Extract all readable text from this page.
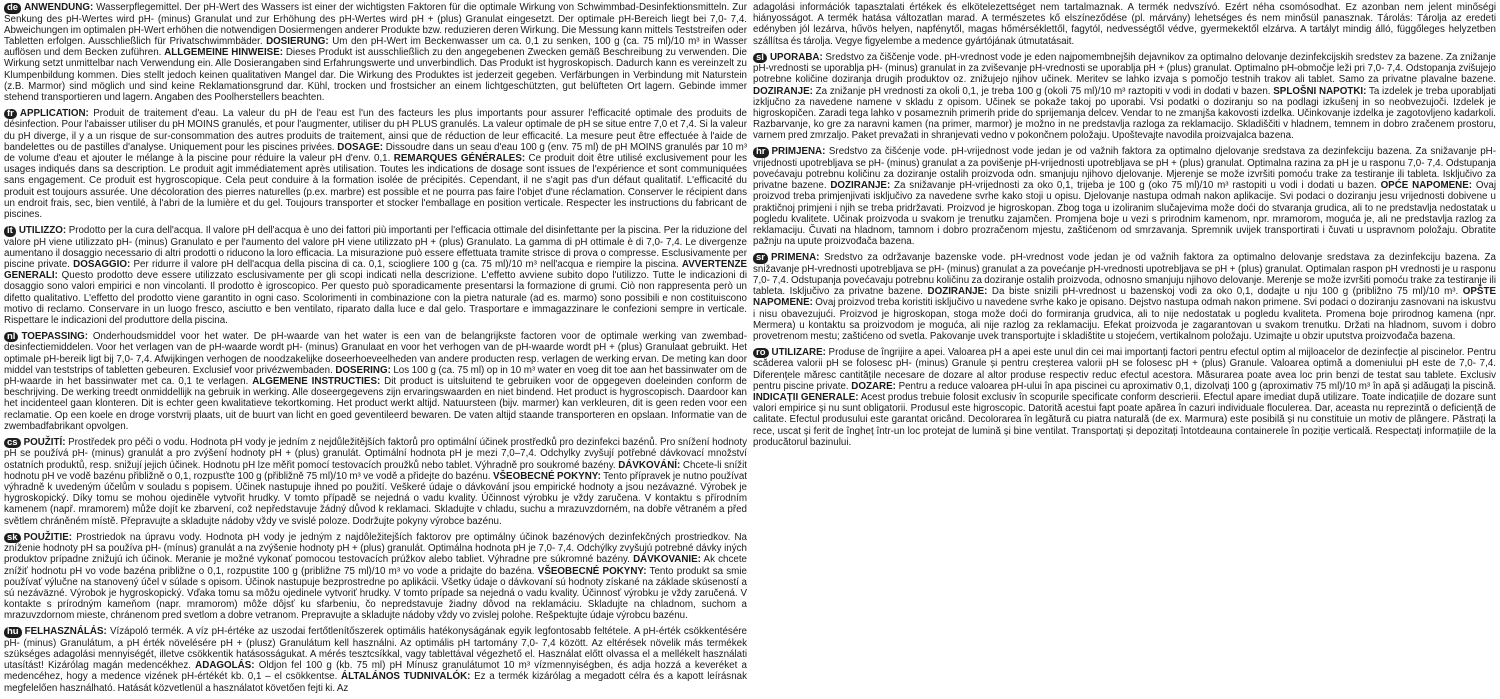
de ANWENDUNG: Wasserpflegemittel. Der pH-Wert des Wassers ist einer der wichtigsten Faktoren für die optimale Wirkung von Schwimmbad-Desinfektionsmitteln. Zur Senkung des pH-Wertes wird pH- (minus) Granulat und zur Erhöhung des pH-Wertes wird pH + (plus) Granulat eingesetzt. Der optimale pH-Bereich liegt bei 7,0- 7,4. Abweichungen im optimalen pH-Wert erhöhen die notwendigen Dosiermengen anderer Produkte bzw. reduzieren deren Wirkung. Die Messung kann mittels Teststreifen oder Tabletten erfolgen. Ausschließlich für Privatschwimmbäder. DOSIERUNG: Um den pH-Wert im Beckenwasser um ca. 0,1 zu senken, 100 g (ca. 75 ml)/10 m³ in Wasser auflösen und dem Becken zuführen. ALLGEMEINE HINWEISE: Dieses Produkt ist ausschließlich zu den angegebenen Zwecken gemäß Beschreibung zu verwenden. Die Wirkung setzt unmittelbar nach Verwendung ein. Alle Dosierangaben sind Erfahrungswerte und unverbindlich. Das Produkt ist hygroskopisch. Dadurch kann es vereinzelt zu Klumpenbildung kommen. Dies stellt jedoch keinen qualitativen Mangel dar. Die Wirkung des Produktes ist jederzeit gegeben. Verfärbungen in Verbindung mit Naturstein (z.B. Marmor) sind möglich und sind keine Reklamationsgrund dar. Kühl, trocken und frostsicher an einem lichtgeschützten, gut belüfteten Ort lagern. Gebinde immer stehend transportieren und lagern. Angaben des Poolherstellers beachten.

fr APPLICATION: Produit de traitement d'eau. La valeur du pH de l'eau est l'un des facteurs les plus importants pour assurer l'efficacité optimale des produits de désinfection. Pour l'abaisser utiliser du pH MOINS granulés, et pour l'augmenter, utiliser du pH PLUS granulés. La valeur optimale de pH se situe entre 7,0 et 7,4. Si la valeur du pH diverge, il y a un risque de sur-consommation des autres produits de traitement, ainsi que de réduction de leur efficacité. La mesure peut être effectuée à l'aide de bandelettes ou de pastilles d'analyse. Uniquement pour les piscines privées. DOSAGE: Dissoudre dans un seau d'eau 100 g (env. 75 ml) de pH MOINS granulés par 10 m³ de volume d'eau et ajouter le mélange à la piscine pour réduire la valeur pH d'env. 0,1. REMARQUES GÉNÉRALES: Ce produit doit être utilisé exclusivement pour les usages indiqués dans sa description. Le produit agit immédiatement après utilisation. Toutes les indications de dosage sont issues de l'expérience et sont communiquées sans engagement. Ce produit est hygroscopique. Cela peut conduire à la formation isolée de précipités. Cependant, il ne s'agit pas d'un défaut qualitatif. L'efficacité du produit est toujours assurée. Une décoloration des pierres naturelles (p.ex. marbre) est possible et ne pourra pas faire l'objet d'une réclamation. Conserver le récipient dans un endroit frais, sec, bien ventilé, à l'abri de la lumière et du gel. Toujours transporter et stocker l'emballage en position verticale. Respecter les instructions du fabricant de piscines.

it UTILIZZO: Prodotto per la cura dell'acqua. Il valore pH dell'acqua è uno dei fattori più importanti per l'efficacia ottimale del disinfettante per la piscina. Per la riduzione del valore pH viene utilizzato pH- (minus) Granulato e per l'aumento del valore pH viene utilizzato pH + (plus) Granulato. La gamma di pH ottimale è di 7,0- 7,4. Le divergenze aumentano il dosaggio necessario di altri prodotti o riducono la loro efficacia. La misurazione può essere effettuata tramite strisce di prova o compresse. Esclusivamente per piscine private. DOSAGGIO: Per ridurre il valore pH dell'acqua della piscina di ca. 0,1, sciogliere 100 g (ca. 75 ml)/10 m³ nell'acqua e riempire la piscina. AVVERTENZE GENERALI: Questo prodotto deve essere utilizzato esclusivamente per gli scopi indicati nella descrizione. L'effetto avviene subito dopo l'utilizzo. Tutte le indicazioni di dosaggio sono valori empirici e non vincolanti. Il prodotto è igroscopico. Per questo può sporadicamente presentarsi la formazione di grumi. Ciò non rappresenta però un difetto qualitativo. L'effetto del prodotto viene garantito in ogni caso. Scolorimenti in combinazione con la pietra naturale (ad es. marmo) sono possibili e non costituiscono motivo di reclamo. Conservare in un luogo fresco, asciutto e ben ventilato, riparato dalla luce e dal gelo. Trasportare e immagazzinare le confezioni sempre in verticale. Rispettare le indicazioni del produttore della piscina.

nl TOEPASSING: Onderhoudsmiddel voor het water. De pH-waarde van het water is een van de belangrijkste factoren voor de optimale werking van zwembad-desinfectiemiddelen. Voor het verlagen van de pH-waarde wordt pH- (minus) Granulaat en voor het verhogen van de pH-waarde wordt pH + (plus) Granulaat gebruikt. Het optimale pH-bereik ligt bij 7,0- 7,4. Afwijkingen verhogen de noodzakelijke doseerhoeveelheden van andere producten resp. verlagen de werking ervan. De meting kan door middel van teststrips of tabletten gebeuren. Exclusief voor privézwembaden. DOSERING: Los 100 g (ca. 75 ml) op in 10 m³ water en voeg dit toe aan het bassinwater om de pH-waarde in het bassinwater met ca. 0,1 te verlagen. ALGEMENE INSTRUCTIES: Dit product is uitsluitend te gebruiken voor de opgegeven doeleinden conform de beschrijving. De werking treedt onmiddellijk na gebruik in werking. Alle doseergegevens zijn ervaringswaarden en niet bindend. Het product is hygroscopisch. Daardoor kan het incidenteel gaan klonteren. Dit is echter geen kwalitatieve tekortkoming. Het product werkt altijd. Natuursteen (bijv. marmer) kan verkleuren, dit is geen reden voor een reclamatie. Op een koele en droge vorstvrij plaats, uit de buurt van licht en goed geventileerd bewaren. De vaten altijd staande transporteren en opslaan. Informatie van de zwembadfabrikant opvolgen.

cs POUŽITÍ: Prostředek pro péči o vodu. Hodnota pH vody je jedním z nejdůležitějších faktorů pro optimální účinek prostředků pro dezinfekci bazénů. Pro snížení hodnoty pH se používá pH- (minus) granulát a pro zvýšení hodnoty pH + (plus) granulát. Optimální hodnota pH je mezi 7,0–7,4. Odchylky zvyšují potřebné dávkovací množství ostatních produktů, resp. snižují jejich účinek. Hodnotu pH lze měřit pomocí testovacích proužků nebo tablet. Výhradně pro soukromé bazény. DÁVKOVÁNÍ: Chcete-li snížit hodnotu pH ve vodě bazénu přibližně o 0,1, rozpusťte 100 g (přibližně 75 ml)/10 m³ ve vodě a přidejte do bazénu. VŠEOBECNÉ POKYNY: Tento přípravek je nutno používat výhradně k uvedeným účelům v souladu s popisem. Účinek nastupuje ihned po použití. Veškeré údaje o dávkování jsou empirické hodnoty a jsou nezávazné. Výrobek je hygroskopický. Díky tomu se mohou ojediněle vytvořit hrudky. V tomto případě se nejedná o vadu kvality. Účinnost výrobku je vždy zaručena. V kontaktu s přírodním kamenem (např. mramorem) může dojít ke zbarvení, což nepředstavuje žádný důvod k reklamaci. Skladujte v chladu, suchu a mrazuvzdorném, na dobře větraném a před světlem chráněném místě. Přepravujte a skladujte nádoby vždy ve svislé poloze. Dodržujte pokyny výrobce bazénu.

sk POUŽITIE: Prostriedok na úpravu vody. Hodnota pH vody je jedným z najdôležitejších faktorov pre optimálny účinok bazénových dezinfekčných prostriedkov. Na zníženie hodnoty pH sa používa pH- (mínus) granulát a na zvýšenie hodnoty pH + (plus) granulát. Optimálna hodnota pH je 7,0- 7,4. Odchýlky zvyšujú potrebné dávky iných produktov prípadne znižujú ich účinok. Meranie je možné vykonať pomocou testovacích prúžkov alebo tabliet. Výhradne pre súkromné bazény. DÁVKOVANIE: Ak chcete znížiť hodnotu pH vo vode bazéna približne o 0,1, rozpustite 100 g (približne 75 ml)/10 m³ vo vode a pridajte do bazéna. VŠEOBECNÉ POKYNY: Tento produkt sa smie používať výlučne na stanovený účel v súlade s opisom. Účinok nastupuje bezprostredne po aplikácii. Všetky údaje o dávkovaní sú hodnoty získané na základe skúseností a sú nezáväzné. Výrobok je hygroskopický. Vďaka tomu sa môžu ojedinele vytvoriť hrudky. V tomto prípade sa nejedná o vadu kvality. Účinnosť výrobku je vždy zaručená. V kontakte s prírodným kameňom (napr. mramorom) môže dôjsť ku sfarbeniu, čo nepredstavuje žiadny dôvod na reklamáciu. Skladujte na chladnom, suchom a mrazuvzdornom mieste, chránenom pred svetlom a dobre vetranom. Prepravujte a skladujte nádoby vždy vo zvislej polohe. Rešpektujte údaje výrobcu bazénu.

hu FELHASZNÁLÁS: Vízápoló termék. A víz pH-értéke az uszodai fertőtlenítőszerek optimális hatékonyságának egyik legfontosabb feltétele. A pH-érték csökkentésére pH- (minus) Granulátum, a pH érték növelésére pH + (plusz) Granulátum kell használni. Az optimális pH tartomány 7,0- 7,4 között. Az eltérések növelik más termékek szükséges adagolási mennyiségét, illetve csökkentik hatásosságukat. A mérés tesztcsíkkal, vagy tablettával végezhető el. Használat előtt olvassa el a mellékelt használati utasítást! Kizárólag magán medencékhez. ADAGOLÁS: Oldjon fel 100 g (kb. 75 ml) pH Mínusz granulátumot 10 m³ vízmennyiségben, és adja hozzá a keveréket a medencéhez, hogy a medence vizének pH-értékét kb. 0,1 – el csökkentse. ÁLTALÁNOS TUDNIVALÓK: Ez a termék kizárólag a megadott célra és a kapott leírásnak megfelelően használható. Hatását közvetlenül a használatot követően fejti ki. Az

adagolási információk tapasztalati értékek és elkötelezettséget nem tartalmaznak. A termék nedvszívó. Ezért néha csomósodhat. Ez azonban nem jelent minőségi hiányosságot. A termék hatása változatlan marad. A természetes kő elszíneződése (pl. márvány) lehetséges és nem minősül panasznak. Tárolás: Tárolja az eredeti edényben jól lezárva, hűvös helyen, napfénytől, magas hőmérséklettől, fagytól, nedvességtől védve, gyermekektől elzárva. A tartályt mindig álló, függőleges helyzetben szállítsa és tárolja. Vegye figyelembe a medence gyártójának útmutatásait.

sl UPORABA: Sredstvo za čiščenje vode. pH-vrednost vode je eden najpomembnejših dejavnikov za optimalno delovanje dezinfekcijskih sredstev za bazene. Za znižanje pH-vrednosti se uporablja pH- (minus) granulat in za zviševanje pH-vrednosti se uporablja pH + (plus) granulat. Optimalno pH-območje leži pri 7,0- 7,4. Odstopanja zvišujejo potrebne količine doziranja drugih produktov oz. znižujejo njihov učinek. Meritev se lahko izvaja s pomočjo testnih trakov ali tablet. Samo za privatne plavalne bazene. DOZIRANJE: Za znižanje pH vrednosti za okoli 0,1, je treba 100 g (okoli 75 ml)/10 m³ raztopiti v vodi in dodati v bazen. SPLOŠNI NAPOTKI: Ta izdelek je treba uporabljati izključno za navedene namene v skladu z opisom. Učinek se pokaže takoj po uporabi. Vsi podatki o doziranju so na podlagi izkušenj in so neobvezujoči. Izdelek je higroskopičen. Zaradi tega lahko v posameznih primerih pride do sprijemanja delcev. Vendar to ne zmanjša kakovosti izdelka. Učinkovanje izdelka je zagotovljeno kadarkoli. Razbarvanje, ko gre za naravni kamen (na primer, marmor) je možno in ne predstavlja razloga za reklamacijo. Skladiščiti v hladnem, temnem in dobro zračenem prostoru, varnem pred zmrzaljo. Paket prevažati in shranjevati vedno v pokončnem položaju. Upoštevajte navodila proizvajalca bazena.

hr PRIMJENA: Sredstvo za čišćenje vode. pH-vrijednost vode jedan je od važnih faktora za optimalno djelovanje sredstava za dezinfekciju bazena. Za snižavanje pH-vrijednosti upotrebljava se pH- (minus) granulat a za povišenje pH-vrijednosti upotrebljava se pH + (plus) granulat. Optimalna razina za pH je u rasponu 7,0- 7,4. Odstupanja povećavaju potrebnu količinu za doziranje ostalih proizvoda odn. smanjuju njihovo djelovanje. Mjerenje se može izvršiti pomoću trake za testiranje ili tableta. Isključivo za privatne bazene. DOZIRANJE: Za snižavanje pH-vrijednosti za oko 0,1, trijeba je 100 g (oko 75 ml)/10 m³ rastopiti u vodi i dodati u bazen. OPĆE NAPOMENE: Ovaj proizvod treba primjenjivati isključivo za navedene svrhe kako stoji u opisu. Djelovanje nastupa odmah nakon aplikacije. Svi podaci o doziranju jesu vrijednosti dobivene u praktičnoj primjeni i njih se treba pridržavati. Proizvod je higroskopan. Zbog toga u izoliranim slučajevima može doći do stvaranja grudica, ali to ne predstavlja nedostatak u pogledu kvalitete. Učinak proizvoda u svakom je trenutku zajamčen. Promjena boje u vezi s prirodnim kamenom, npr. mramorom, moguća je, ali ne predstavlja razlog za reklamaciju. Čuvati na hladnom, tamnom i dobro prozračenom mjestu, zaštićenom od smrzavanja. Spremnik uvijek transportirati i čuvati u uspravnom položaju. Obratite pažnju na upute proizvođača bazena.

sr PRIMENA: Sredstvo za održavanje bazenske vode. pH-vrednost vode jedan je od važnih faktora za optimalno delovanje sredstava za dezinfekciju bazena. Za snižavanje pH-vrednosti upotrebljava se pH- (minus) granulat a za povećanje pH-vrednosti upotrebljava se pH + (plus) granulat. Optimalan raspon pH vrednosti je u rasponu 7,0- 7,4. Odstupanja povećavaju potrebnu količinu za doziranje ostalih proizvoda, odnosno smanjuju njihovo delovanje. Merenje se može izvršiti pomoću trake za testiranje ili tableta. Isključivo za privatne bazene. DOZIRANJE: Da biste snizili pH-vrednost u bazenskoj vodi za oko 0,1, dodajte u nju 100 g (približno 75 ml)/10 m³. OPŠTE NAPOMENE: Ovaj proizvod treba koristiti isključivo u navedene svrhe kako je opisano. Dejstvo nastupa odmah nakon primene. Svi podaci o doziranju zasnovani na iskustvu i nisu obavezujući. Proizvod je higroskopan, stoga može doći do formiranja grudvica, ali to nije nedostatak u pogledu kvaliteta. Promena boje prirodnog kamena (npr. Mermera) u kontaktu sa proizvodom je moguća, ali nije razlog za reklamaciju. Efekat proizvoda je zagarantovan u svakom trenutku. Držati na hladnom, suvom i dobro provetrenom mestu; zaštićeno od svetla. Pakovanje uvek transportujte i skladištite u stojećem, vertikalnom položaju. Uzimajte u obzir uputstva proizvođača bazena.

ro UTILIZARE: Produse de îngrijire a apei. Valoarea pH a apei este unul din cei mai importanți factori pentru efectul optim al mijloacelor de dezinfecție al piscinelor. Pentru scăderea valorii pH se folosesc pH- (minus) Granule și pentru creșterea valorii pH se folosesc pH + (plus) Granule. Valoarea optimă a domeniului pH este de 7,0- 7,4. Diferențele măresc cantitățile necesare de dozare al altor produse respectiv reduc efectul acestora. Măsurarea poate avea loc prin benzi de testat sau tablete. Exclusiv pentru piscine private. DOZARE: Pentru a reduce valoarea pH-ului în apa piscinei cu aproximativ 0,1, dizolvați 100 g (aproximativ 75 ml)/10 m³ în apă și adăugați la piscină. INDICAȚII GENERALE: Acest produs trebuie folosit exclusiv în scopurile specificate conform descrierii. Efectul apare imediat după utilizare. Toate indicațiile de dozare sunt valori empirice și nu sunt obligatorii. Produsul este higroscopic. Datorită acestui fapt poate apărea în cazuri individuale floculerea. Dar, aceasta nu reprezintă o deficiență de calitate. Efectul produsului este garantat oricând. Decolorarea în legătură cu piatra naturală (de ex. Marmura) este posibilă și nu constituie un motiv de plângere. Păstrați la rece, uscat și ferit de îngheț într-un loc protejat de lumină și bine ventilat. Transportați și depozitați întotdeauna containerele în poziție verticală. Respectați informațiile de la producătorul bazinului.
